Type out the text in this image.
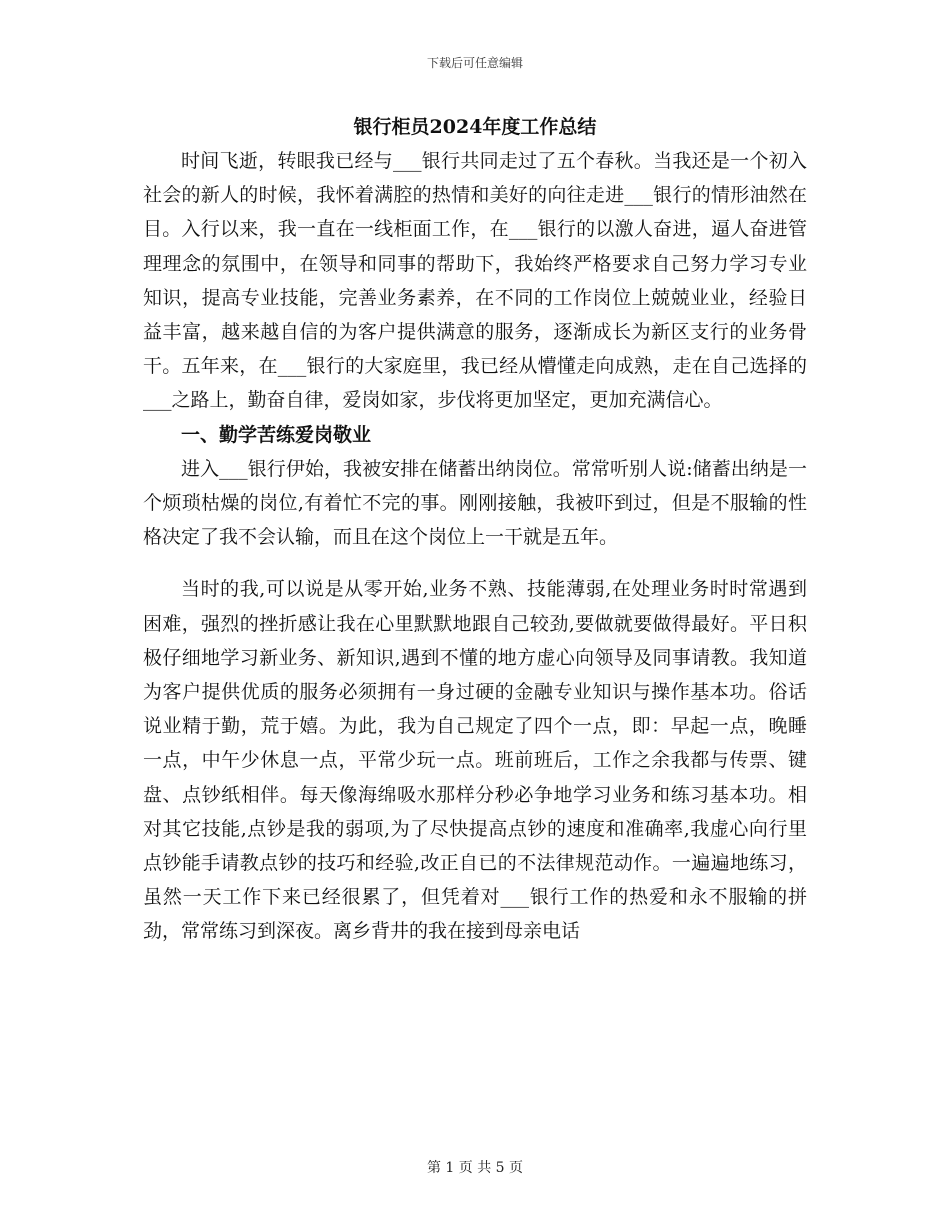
下载后可任意编辑
银行柜员2024年度工作总结

时间飞逝，转眼我已经与___银行共同走过了五个春秋。当我还是一个初入社会的新人的时候，我怀着满腔的热情和美好的向往走进___银行的情形油然在目。入行以来，我一直在一线柜面工作，在___银行的以激人奋进，逼人奋进管理理念的氛围中，在领导和同事的帮助下，我始终严格要求自己努力学习专业知识，提高专业技能，完善业务素养，在不同的工作岗位上兢兢业业，经验日益丰富，越来越自信的为客户提供满意的服务，逐渐成长为新区支行的业务骨干。五年来，在___银行的大家庭里，我已经从懵懂走向成熟，走在自己选择的___之路上，勤奋自律，爱岗如家，步伐将更加坚定，更加充满信心。

一、勤学苦练爱岗敬业

进入___银行伊始，我被安排在储蓄出纳岗位。常常听别人说:储蓄出纳是一个烦琐枯燥的岗位,有着忙不完的事。刚刚接触，我被吓到过，但是不服输的性格决定了我不会认输，而且在这个岗位上一干就是五年。

当时的我,可以说是从零开始,业务不熟、技能薄弱,在处理业务时时常遇到困难，强烈的挫折感让我在心里默默地跟自己较劲,要做就要做得最好。平日积极仔细地学习新业务、新知识,遇到不懂的地方虚心向领导及同事请教。我知道为客户提供优质的服务必须拥有一身过硬的金融专业知识与操作基本功。俗话说业精于勤，荒于嬉。为此，我为自己规定了四个一点，即：早起一点，晚睡一点，中午少休息一点，平常少玩一点。班前班后，工作之余我都与传票、键盘、点钞纸相伴。每天像海绵吸水那样分秒必争地学习业务和练习基本功。相对其它技能,点钞是我的弱项,为了尽快提高点钞的速度和准确率,我虚心向行里点钞能手请教点钞的技巧和经验,改正自已的不法律规范动作。一遍遍地练习，虽然一天工作下来已经很累了，但凭着对___银行工作的热爱和永不服输的拼劲，常常练习到深夜。离乡背井的我在接到母亲电话

第 1 页 共 5 页
